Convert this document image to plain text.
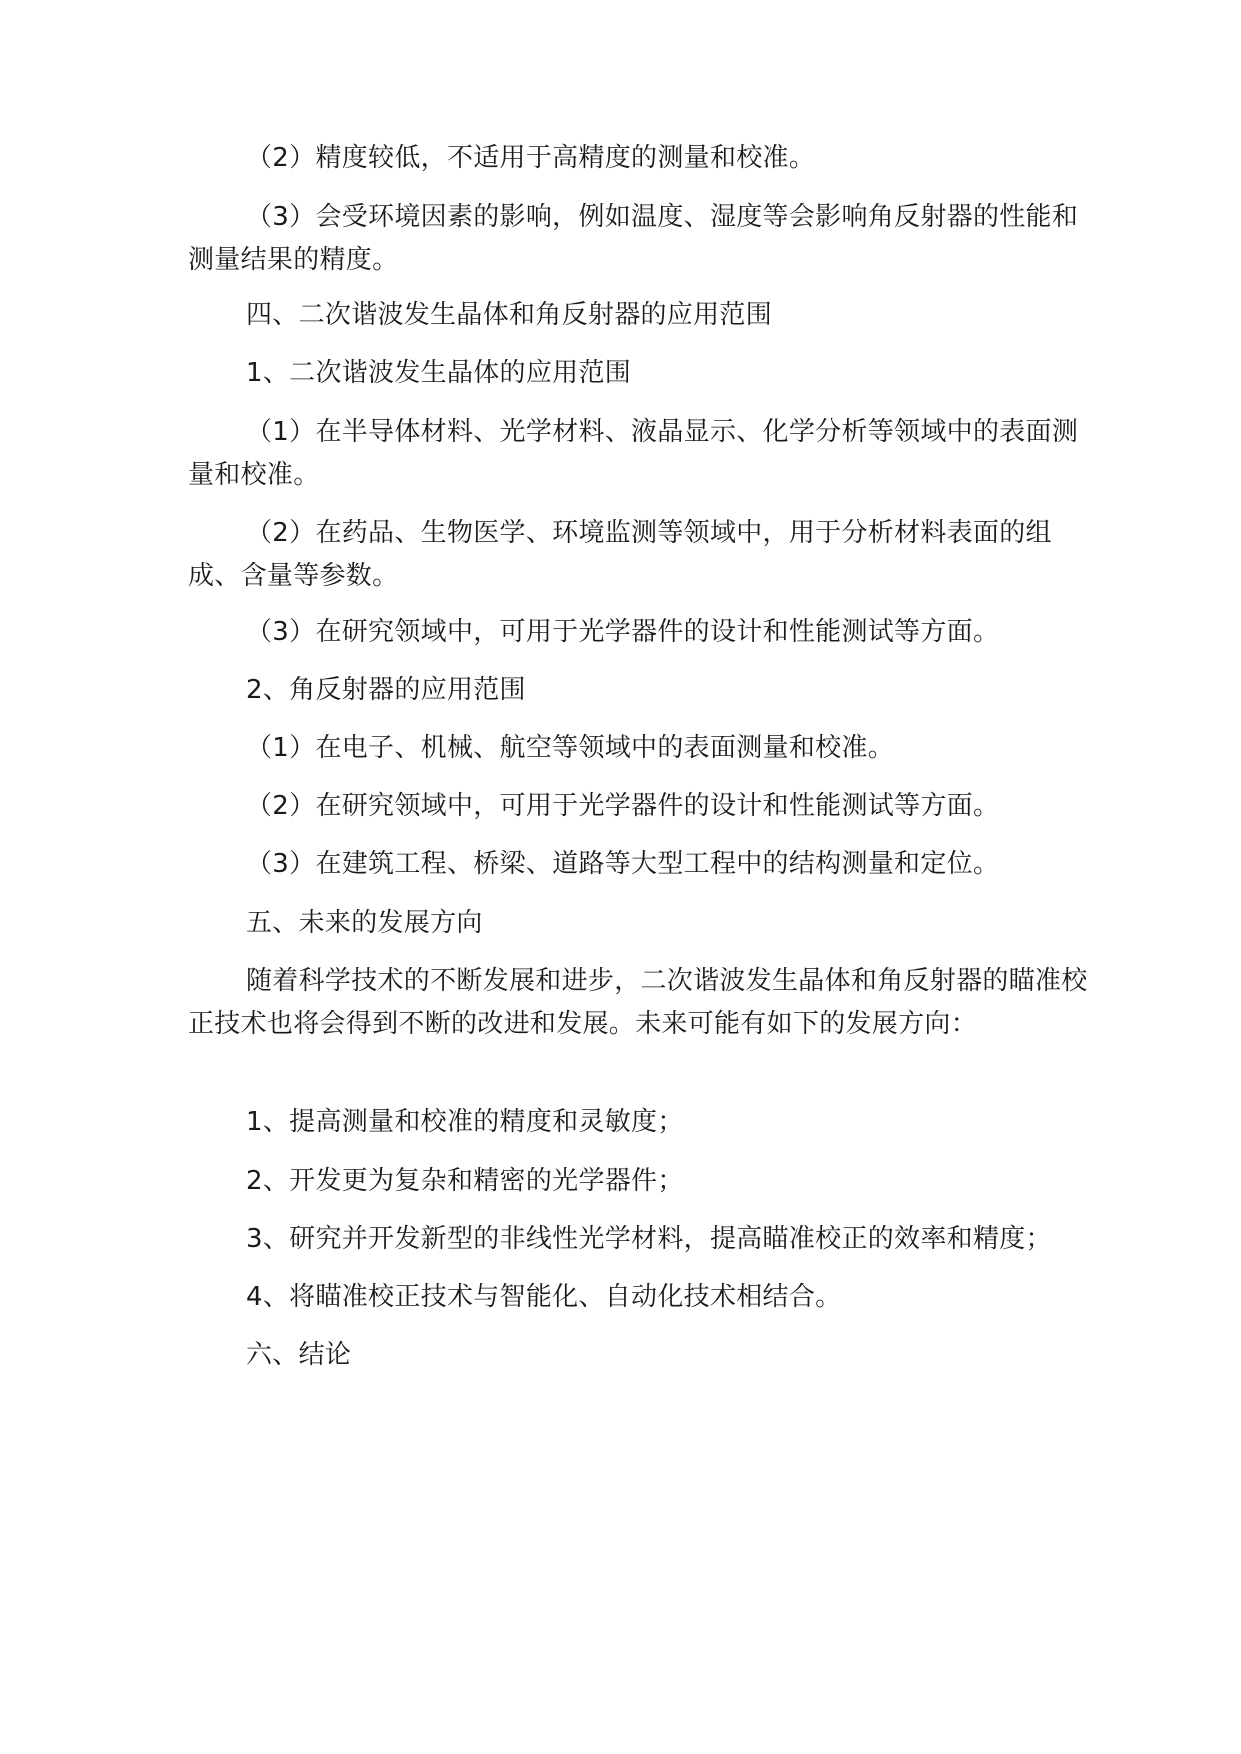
（2）精度较低，不适用于高精度的测量和校准。

（3）会受环境因素的影响，例如温度、湿度等会影响角反射器的性能和测量结果的精度。

四、二次谐波发生晶体和角反射器的应用范围

1、二次谐波发生晶体的应用范围

（1）在半导体材料、光学材料、液晶显示、化学分析等领域中的表面测量和校准。

（2）在药品、生物医学、环境监测等领域中，用于分析材料表面的组成、含量等参数。

（3）在研究领域中，可用于光学器件的设计和性能测试等方面。

2、角反射器的应用范围

（1）在电子、机械、航空等领域中的表面测量和校准。

（2）在研究领域中，可用于光学器件的设计和性能测试等方面。

（3）在建筑工程、桥梁、道路等大型工程中的结构测量和定位。

五、未来的发展方向

随着科学技术的不断发展和进步，二次谐波发生晶体和角反射器的瞄准校正技术也将会得到不断的改进和发展。未来可能有如下的发展方向：

1、提高测量和校准的精度和灵敏度；

2、开发更为复杂和精密的光学器件；

3、研究并开发新型的非线性光学材料，提高瞄准校正的效率和精度；

4、将瞄准校正技术与智能化、自动化技术相结合。

六、结论
